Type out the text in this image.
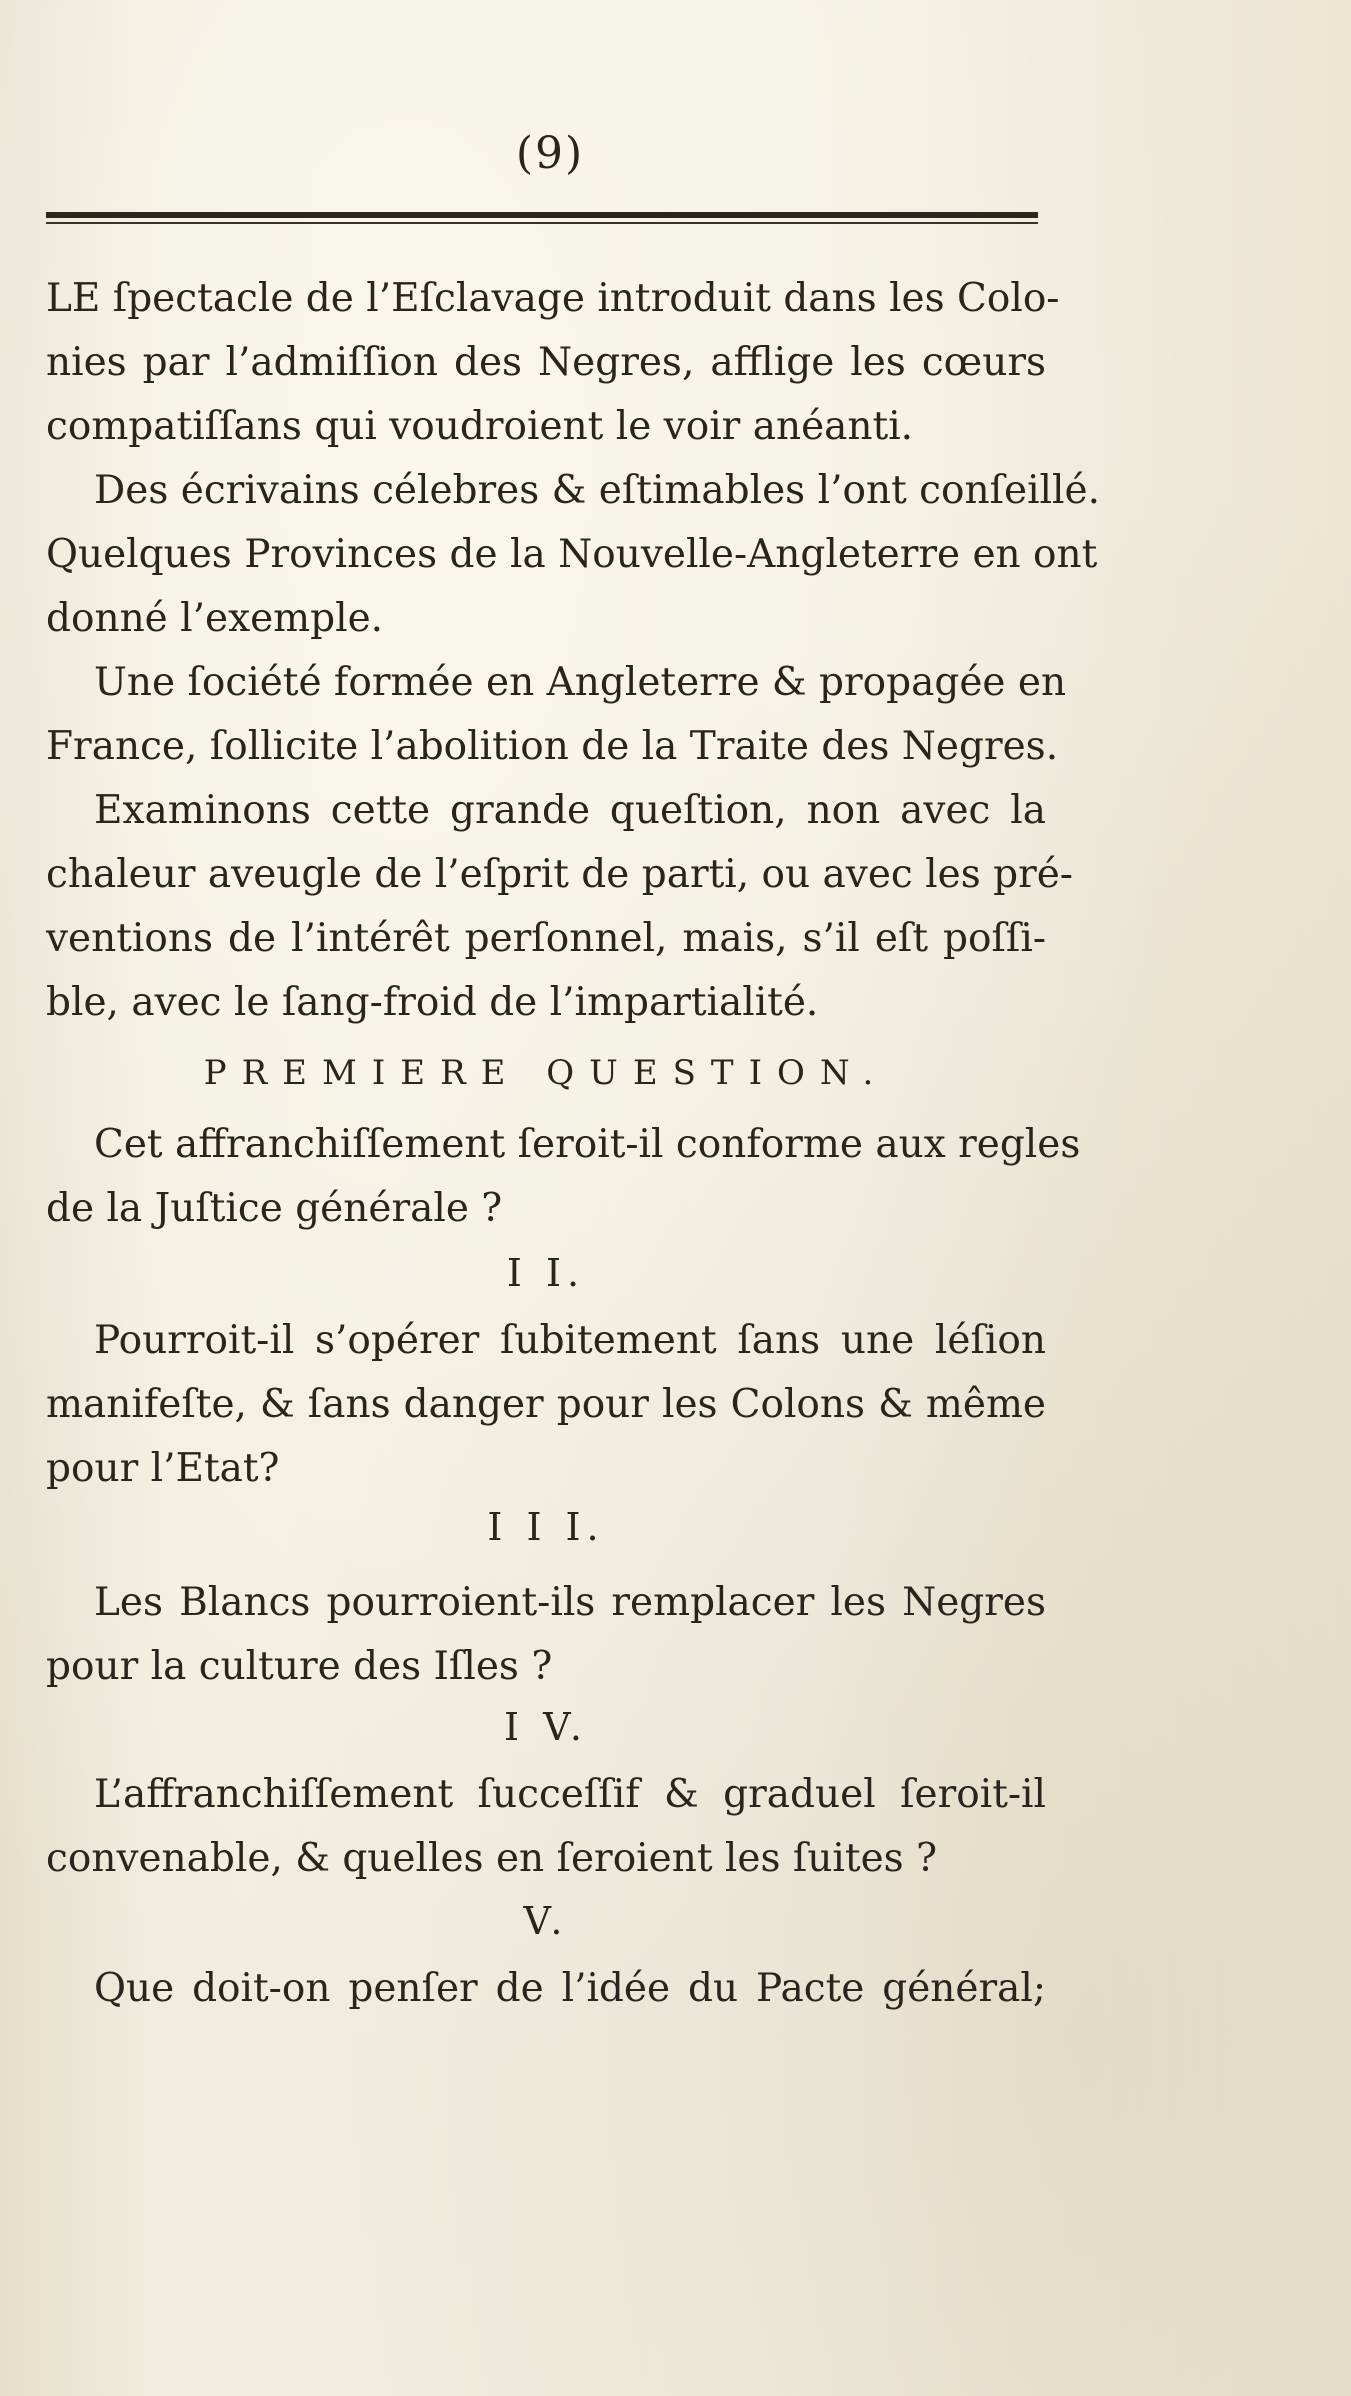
(9)
LE ſpectacle de l’Eſclavage introduit dans les Colo-
nies par l’admiſſion des Negres, afflige les cœurs
compatiſſans qui voudroient le voir anéanti.
Des écrivains célebres & eſtimables l’ont conſeillé.
Quelques Provinces de la Nouvelle-Angleterre en ont
donné l’exemple.
Une ſociété formée en Angleterre & propagée en
France, ſollicite l’abolition de la Traite des Negres.
Examinons cette grande queſtion, non avec la
chaleur aveugle de l’eſprit de parti, ou avec les pré-
ventions de l’intérêt perſonnel, mais, s’il eſt poſſi-
ble, avec le ſang-froid de l’impartialité.
PREMIERE QUESTION.
Cet affranchiſſement ſeroit-il conforme aux regles
de la Juſtice générale ?
I I.
Pourroit-il s’opérer ſubitement ſans une léſion
manifeſte, & ſans danger pour les Colons & même
pour l’Etat?
I I I.
Les Blancs pourroient-ils remplacer les Negres
pour la culture des Iſles ?
I V.
L’affranchiſſement ſucceſſif & graduel ſeroit-il
convenable, & quelles en ſeroient les ſuites ?
V.
Que doit-on penſer de l’idée du Pacte général;
